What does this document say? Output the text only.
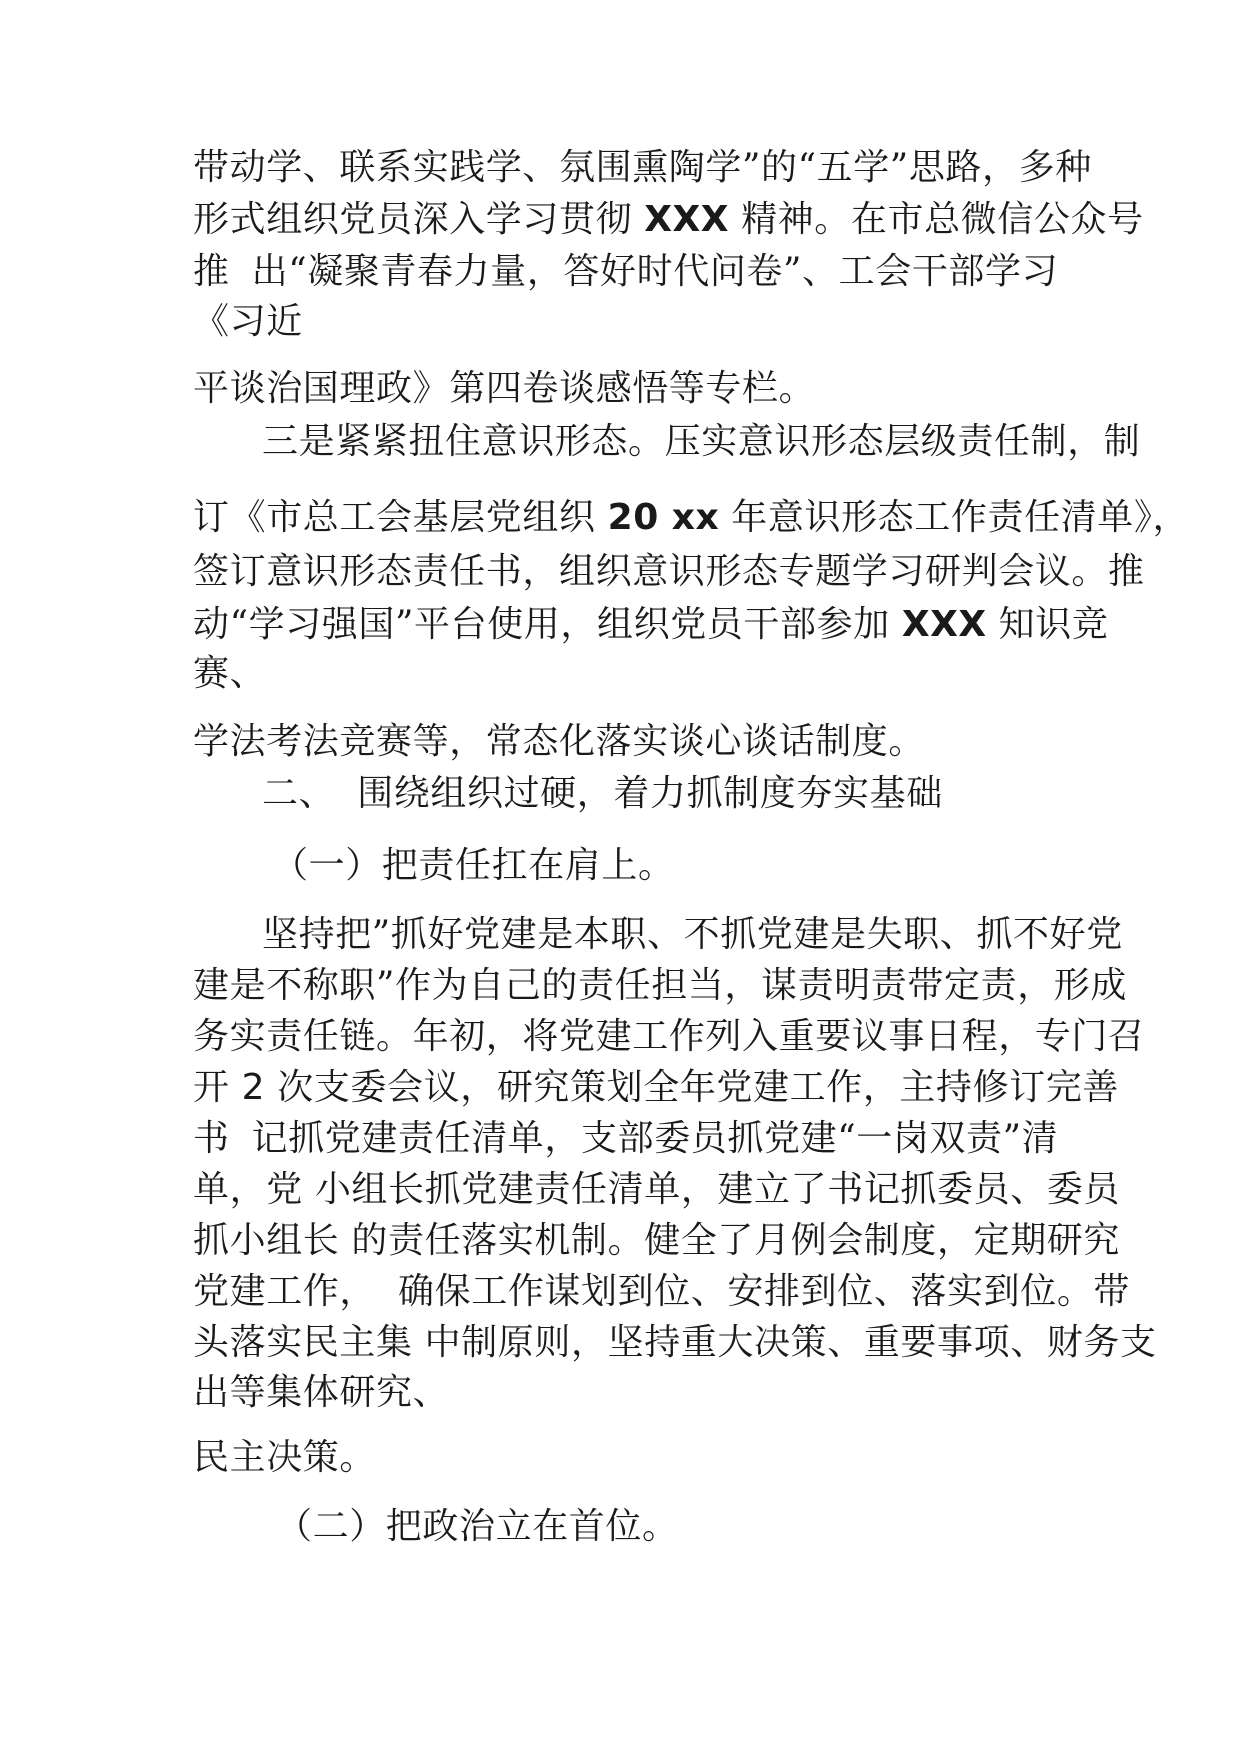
带动学、联系实践学、氛围熏陶学”的“五学”思路，多种
形式组织党员深入学习贯彻 XXX 精神。在市总微信公众号
推 出“凝聚青春力量，答好时代问卷”、工会干部学习
《习近
平谈治国理政》第四卷谈感悟等专栏。
三是紧紧扭住意识形态。压实意识形态层级责任制，制
订《市总工会基层党组织 20 xx 年意识形态工作责任清单》，
签订意识形态责任书，组织意识形态专题学习研判会议。推
动“学习强国”平台使用，组织党员干部参加 XXX 知识竞
赛、
学法考法竞赛等，常态化落实谈心谈话制度。
二、 围绕组织过硬，着力抓制度夯实基础
（一）把责任扛在肩上。
坚持把”抓好党建是本职、不抓党建是失职、抓不好党
建是不称职”作为自己的责任担当，谋责明责带定责，形成
务实责任链。年初，将党建工作列入重要议事日程，专门召
开 2 次支委会议，研究策划全年党建工作，主持修订完善
书 记抓党建责任清单，支部委员抓党建“一岗双责”清
单，党 小组长抓党建责任清单，建立了书记抓委员、委员
抓小组长 的责任落实机制。健全了月例会制度，定期研究
党建工作， 确保工作谋划到位、安排到位、落实到位。带
头落实民主集 中制原则，坚持重大决策、重要事项、财务支
出等集体研究、
民主决策。
（二）把政治立在首位。
